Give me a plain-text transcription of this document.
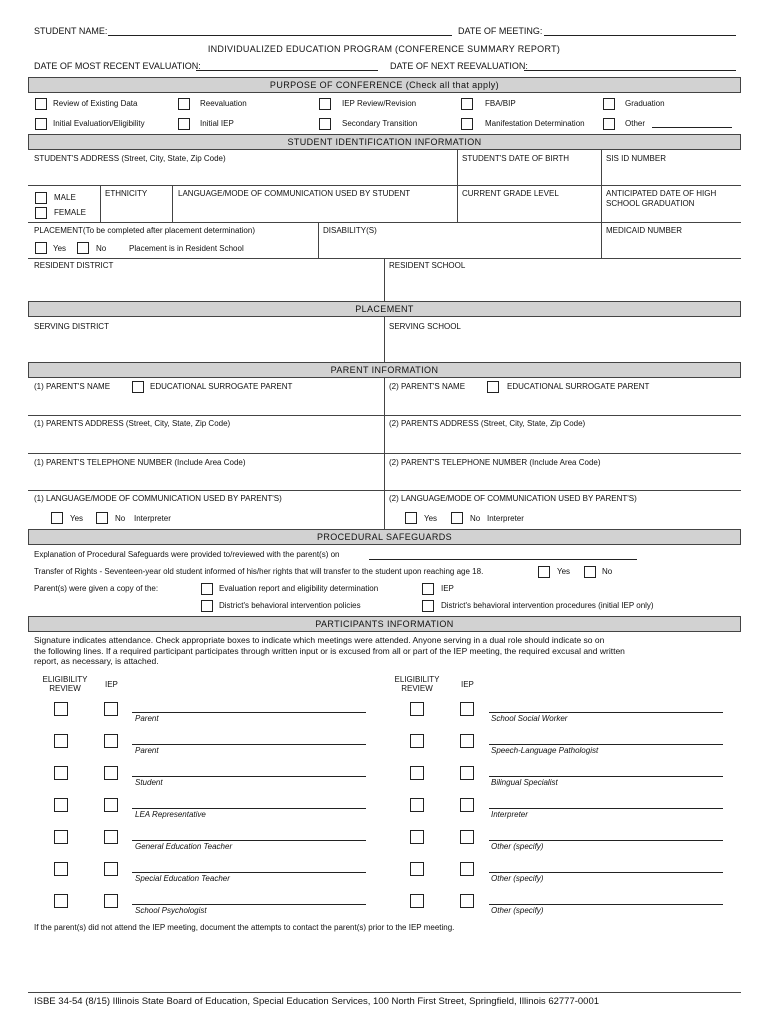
STUDENT NAME:	DATE OF MEETING:
INDIVIDUALIZED EDUCATION PROGRAM (CONFERENCE SUMMARY REPORT)
DATE OF MOST RECENT EVALUATION:	DATE OF NEXT REEVALUATION:
PURPOSE OF CONFERENCE (Check all that apply)
Review of Existing Data	Reevaluation	IEP Review/Revision	FBA/BIP	Graduation
Initial Evaluation/Eligibility	Initial IEP	Secondary Transition	Manifestation Determination	Other
STUDENT IDENTIFICATION INFORMATION
STUDENT'S ADDRESS (Street, City, State, Zip Code)	STUDENT'S DATE OF BIRTH	SIS ID NUMBER
MALE
FEMALE
ETHNICITY	LANGUAGE/MODE OF COMMUNICATION USED BY STUDENT	CURRENT GRADE LEVEL	ANTICIPATED DATE OF HIGH
SCHOOL GRADUATION
PLACEMENT(To be completed after placement determination)
Yes	No	Placement is in Resident School
DISABILITY(S)	MEDICAID NUMBER
RESIDENT DISTRICT	RESIDENT SCHOOL
PLACEMENT
SERVING DISTRICT	SERVING SCHOOL
PARENT INFORMATION
(1) PARENT'S NAME	EDUCATIONAL SURROGATE PARENT	(2) PARENT'S NAME	EDUCATIONAL SURROGATE PARENT
(1) PARENTS ADDRESS (Street, City, State, Zip Code)	(2) PARENTS ADDRESS (Street, City, State, Zip Code)
(1) PARENT'S TELEPHONE NUMBER (Include Area Code)	(2) PARENT'S TELEPHONE NUMBER (Include Area Code)
(1) LANGUAGE/MODE OF COMMUNICATION USED BY PARENT'S)
Yes	No Interpreter
(2) LANGUAGE/MODE OF COMMUNICATION USED BY PARENT'S)
Yes	No Interpreter
PROCEDURAL SAFEGUARDS
Explanation of Procedural Safeguards were provided to/reviewed with the parent(s) on
Transfer of Rights - Seventeen-year old student informed of his/her rights that will transfer to the student upon reaching age 18.	Yes	No
Parent(s) were given a copy of the:	Evaluation report and eligibility determination	IEP
District's behavioral intervention policies	District's behavioral intervention procedures (initial IEP only)
PARTICIPANTS INFORMATION
Signature indicates attendance. Check appropriate boxes to indicate which meetings were attended. Anyone serving in a dual role should indicate so on
the following lines. If a required participant participates through written input or is excused from all or part of the IEP meeting, the required excusal and written
report, as necessary, is attached.
ELIGIBILITY
REVIEW	IEP
ELIGIBILITY
REVIEW	IEP
Parent	School Social Worker
Parent	Speech-Language Pathologist
Student	Bilingual Specialist
LEA Representative	Interpreter
General Education Teacher	Other (specify)
Special Education Teacher	Other (specify)
School Psychologist	Other (specify)
If the parent(s) did not attend the IEP meeting, document the attempts to contact the parent(s) prior to the IEP meeting.
ISBE 34-54 (8/15) Illinois State Board of Education, Special Education Services, 100 North First Street, Springfield, Illinois 62777-0001
